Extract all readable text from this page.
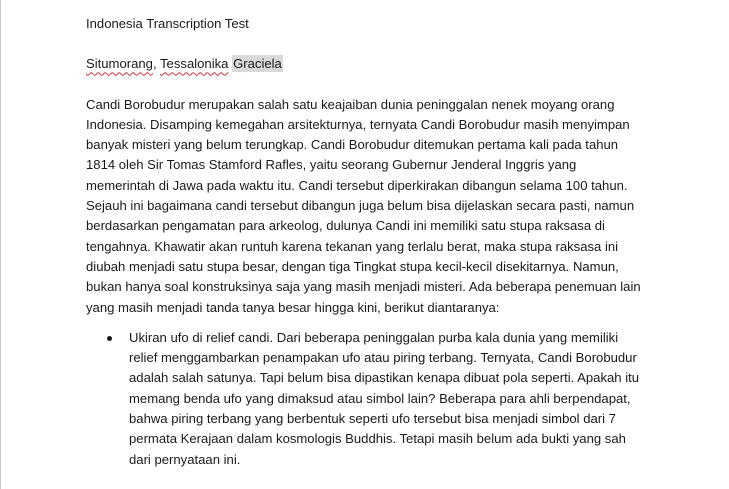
Indonesia Transcription Test

Situmorang, Tessalonika Graciela

Candi Borobudur merupakan salah satu keajaiban dunia peninggalan nenek moyang orang Indonesia. Disamping kemegahan arsitekturnya, ternyata Candi Borobudur masih menyimpan banyak misteri yang belum terungkap. Candi Borobudur ditemukan pertama kali pada tahun 1814 oleh Sir Tomas Stamford Rafles, yaitu seorang Gubernur Jenderal Inggris yang memerintah di Jawa pada waktu itu. Candi tersebut diperkirakan dibangun selama 100 tahun. Sejauh ini bagaimana candi tersebut dibangun juga belum bisa dijelaskan secara pasti, namun berdasarkan pengamatan para arkeolog, dulunya Candi ini memiliki satu stupa raksasa di tengahnya. Khawatir akan runtuh karena tekanan yang terlalu berat, maka stupa raksasa ini diubah menjadi satu stupa besar, dengan tiga Tingkat stupa kecil-kecil disekitarnya. Namun, bukan hanya soal konstruksinya saja yang masih menjadi misteri. Ada beberapa penemuan lain yang masih menjadi tanda tanya besar hingga kini, berikut diantaranya:

Ukiran ufo di relief candi. Dari beberapa peninggalan purba kala dunia yang memiliki relief menggambarkan penampakan ufo atau piring terbang. Ternyata, Candi Borobudur adalah salah satunya. Tapi belum bisa dipastikan kenapa dibuat pola seperti. Apakah itu memang benda ufo yang dimaksud atau simbol lain? Beberapa para ahli berpendapat, bahwa piring terbang yang berbentuk seperti ufo tersebut bisa menjadi simbol dari 7 permata Kerajaan dalam kosmologis Buddhis. Tetapi masih belum ada bukti yang sah dari pernyataan ini.
